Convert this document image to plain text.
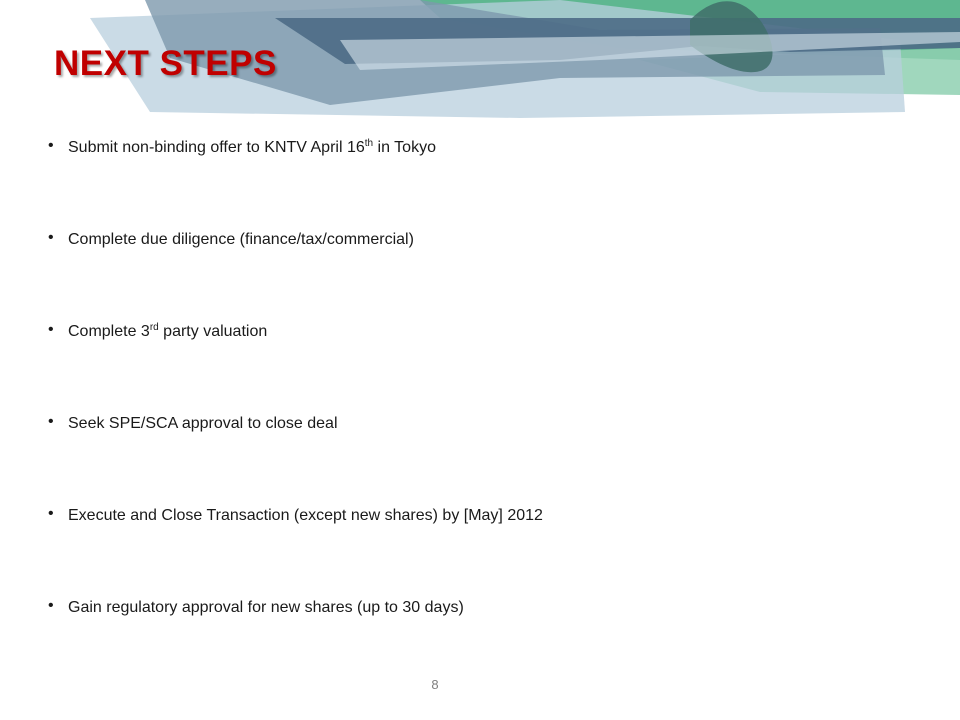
NEXT STEPS
• Submit non-binding offer to KNTV April 16th in Tokyo
• Complete due diligence (finance/tax/commercial)
• Complete 3rd party valuation
• Seek SPE/SCA approval to close deal
• Execute and Close Transaction (except new shares) by [May] 2012
• Gain regulatory approval for new shares (up to 30 days)
8
